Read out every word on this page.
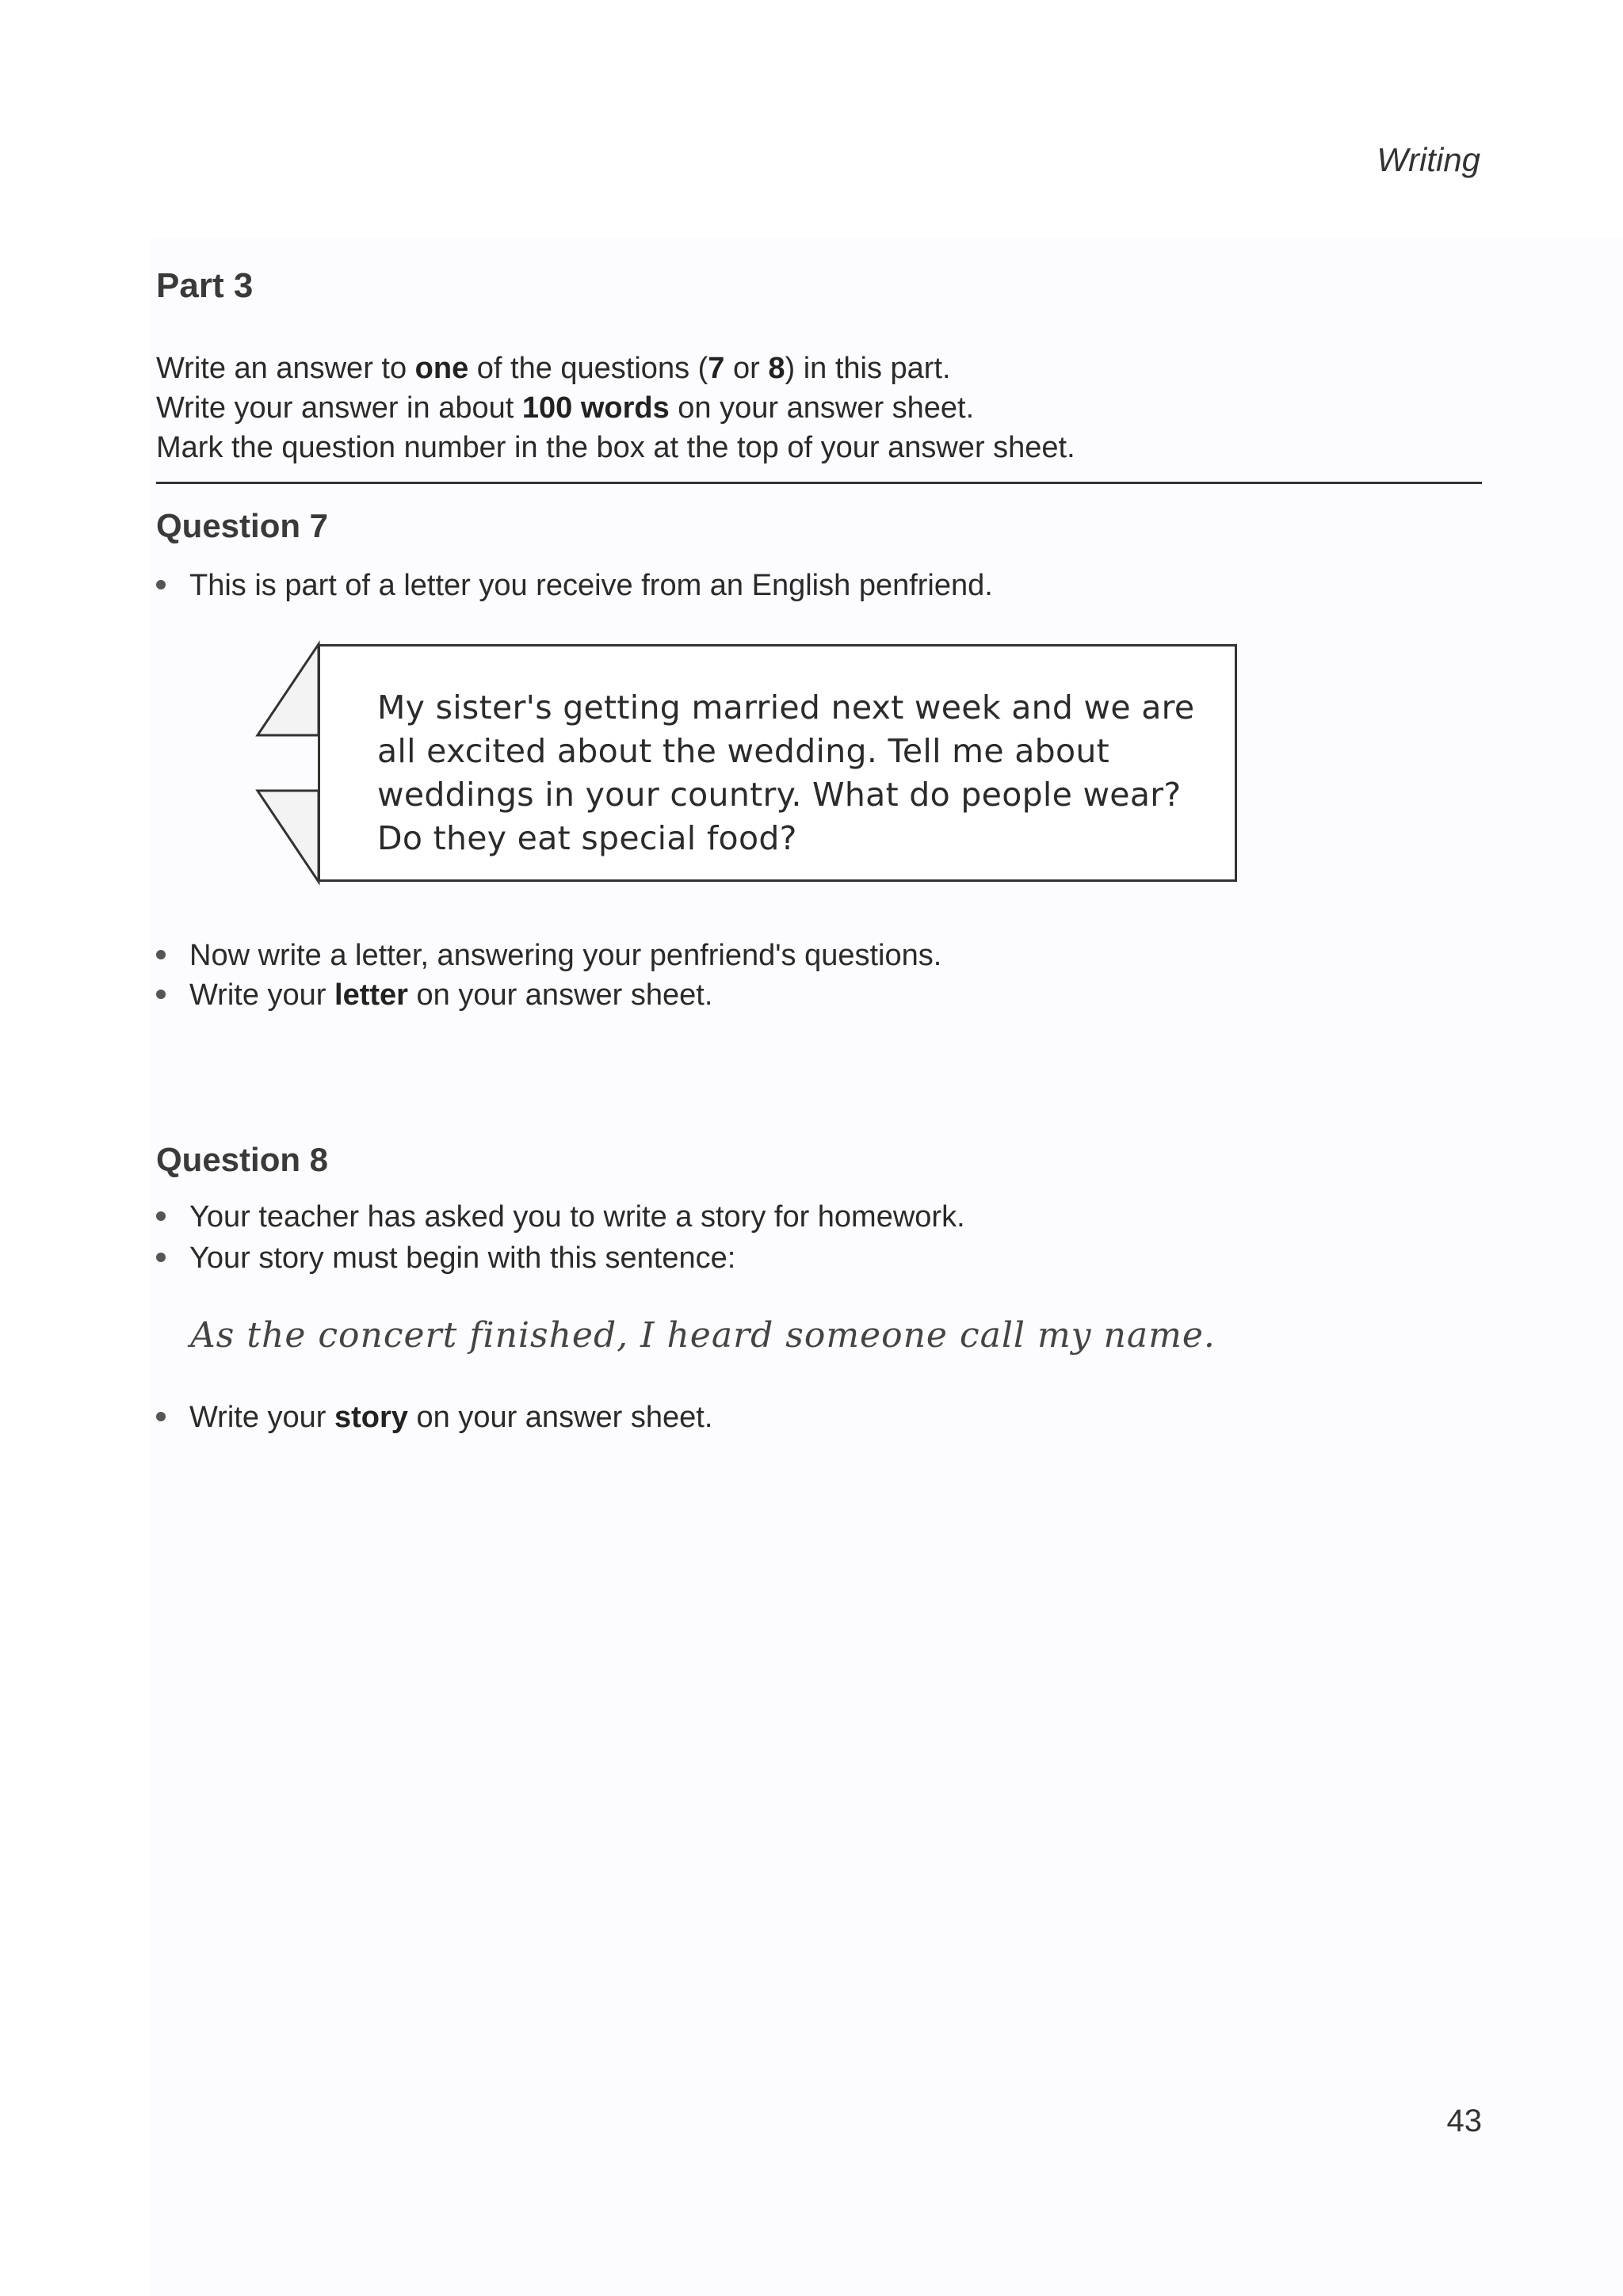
Writing
Part 3
Write an answer to one of the questions (7 or 8) in this part.
Write your answer in about 100 words on your answer sheet.
Mark the question number in the box at the top of your answer sheet.
Question 7
This is part of a letter you receive from an English penfriend.
My sister's getting married next week and we are
all excited about the wedding. Tell me about
weddings in your country. What do people wear?
Do they eat special food?
Now write a letter, answering your penfriend's questions.
Write your letter on your answer sheet.
Question 8
Your teacher has asked you to write a story for homework.
Your story must begin with this sentence:
As the concert finished, I heard someone call my name.
Write your story on your answer sheet.
43
